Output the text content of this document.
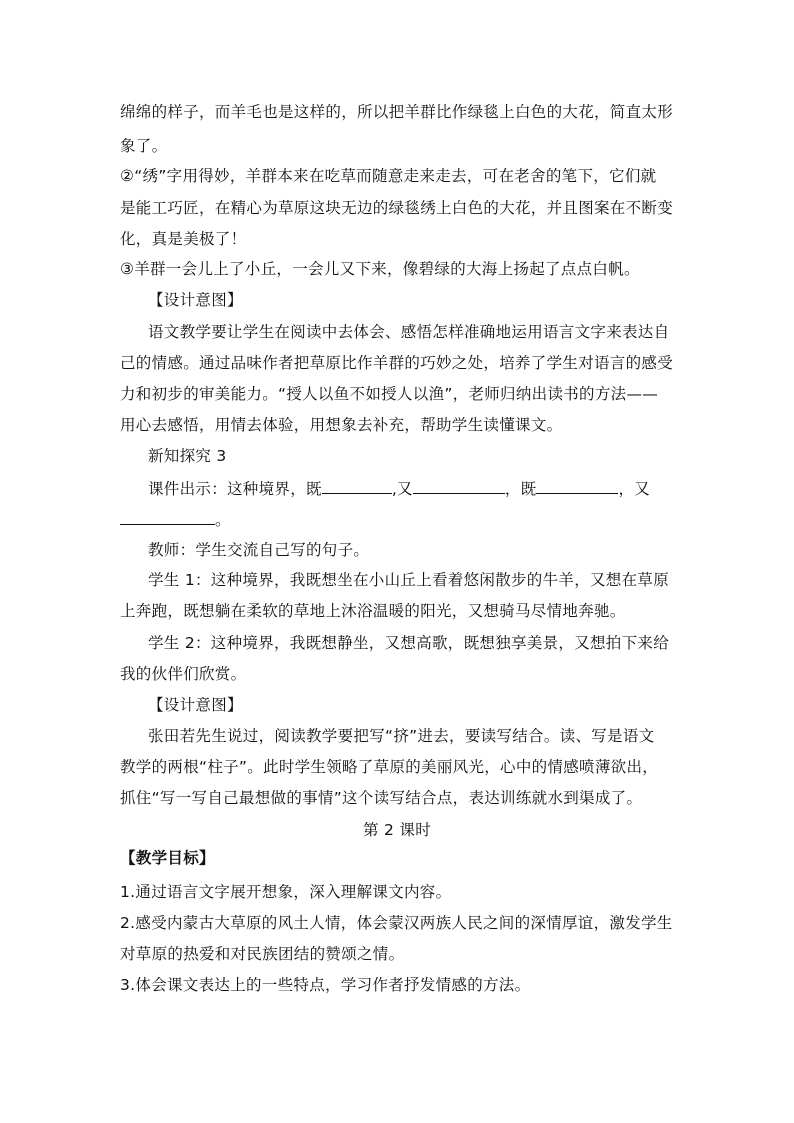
绵绵的样子，而羊毛也是这样的，所以把羊群比作绿毯上白色的大花，简直太形
象了。
②“绣”字用得妙，羊群本来在吃草而随意走来走去，可在老舍的笔下，它们就
是能工巧匠，在精心为草原这块无边的绿毯绣上白色的大花，并且图案在不断变
化，真是美极了！
③羊群一会儿上了小丘，一会儿又下来，像碧绿的大海上扬起了点点白帆。
【设计意图】
语文教学要让学生在阅读中去体会、感悟怎样准确地运用语言文字来表达自
己的情感。通过品味作者把草原比作羊群的巧妙之处，培养了学生对语言的感受
力和初步的审美能力。“授人以鱼不如授人以渔”，老师归纳出读书的方法——
用心去感悟，用情去体验，用想象去补充，帮助学生读懂课文。
新知探究 3
课件出示：这种境界，既	,又	，既	，又
。
教师：学生交流自己写的句子。
学生 1：这种境界，我既想坐在小山丘上看着悠闲散步的牛羊，又想在草原
上奔跑，既想躺在柔软的草地上沐浴温暖的阳光，又想骑马尽情地奔驰。
学生 2：这种境界，我既想静坐，又想高歌，既想独享美景，又想拍下来给
我的伙伴们欣赏。
【设计意图】
张田若先生说过，阅读教学要把写“挤”进去，要读写结合。读、写是语文
教学的两根“柱子”。此时学生领略了草原的美丽风光，心中的情感喷薄欲出，
抓住“写一写自己最想做的事情”这个读写结合点，表达训练就水到渠成了。
第 2 课时
【教学目标】
1.通过语言文字展开想象，深入理解课文内容。
2.感受内蒙古大草原的风土人情，体会蒙汉两族人民之间的深情厚谊，激发学生
对草原的热爱和对民族团结的赞颂之情。
3.体会课文表达上的一些特点，学习作者抒发情感的方法。
